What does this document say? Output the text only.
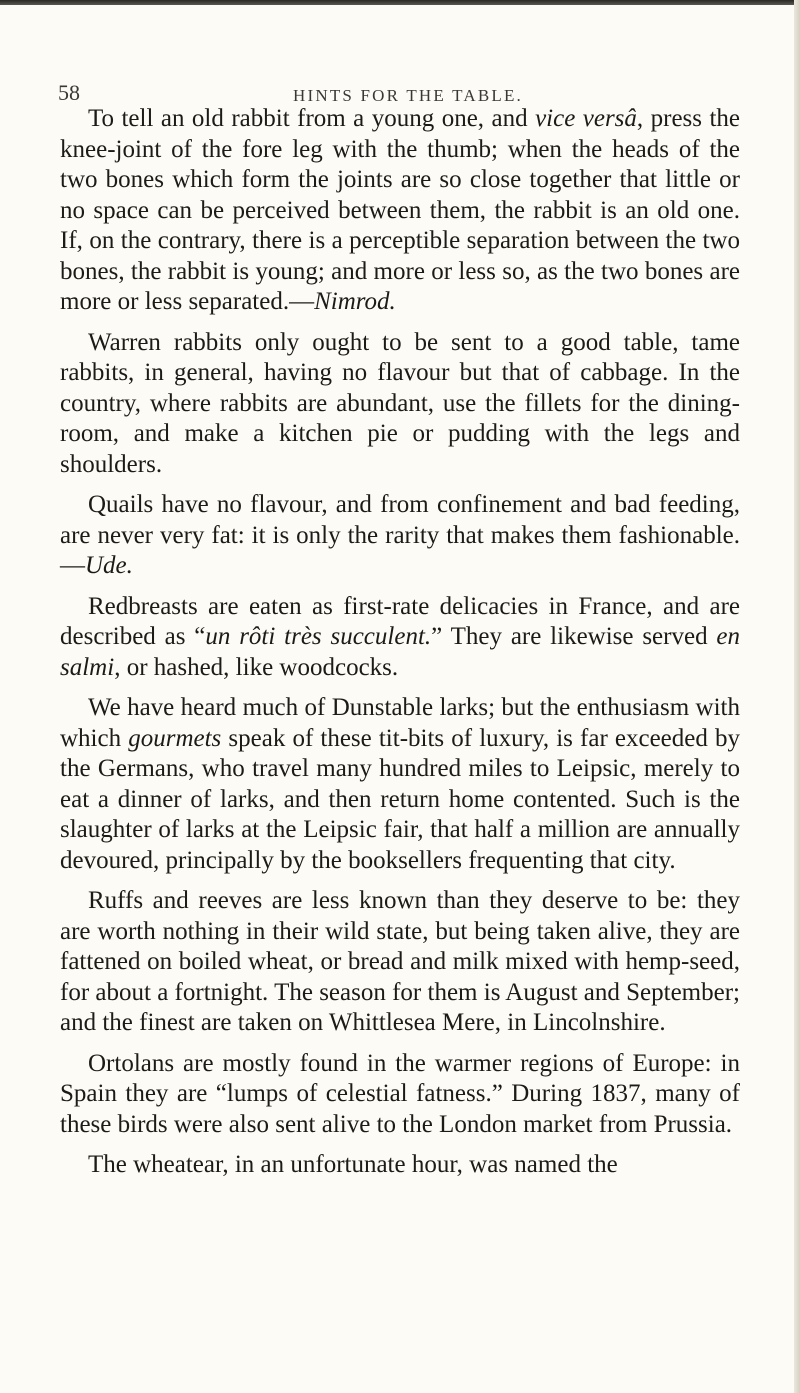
58	HINTS FOR THE TABLE.

To tell an old rabbit from a young one, and vice versâ, press the knee-joint of the fore leg with the thumb; when the heads of the two bones which form the joints are so close together that little or no space can be perceived between them, the rabbit is an old one. If, on the contrary, there is a perceptible separation between the two bones, the rabbit is young; and more or less so, as the two bones are more or less separated.—Nimrod.

Warren rabbits only ought to be sent to a good table, tame rabbits, in general, having no flavour but that of cabbage. In the country, where rabbits are abundant, use the fillets for the dining-room, and make a kitchen pie or pudding with the legs and shoulders.

Quails have no flavour, and from confinement and bad feeding, are never very fat: it is only the rarity that makes them fashionable.—Ude.

Redbreasts are eaten as first-rate delicacies in France, and are described as “un rôti très succulent.” They are likewise served en salmi, or hashed, like woodcocks.

We have heard much of Dunstable larks; but the enthusiasm with which gourmets speak of these tit-bits of luxury, is far exceeded by the Germans, who travel many hundred miles to Leipsic, merely to eat a dinner of larks, and then return home contented. Such is the slaughter of larks at the Leipsic fair, that half a million are annually devoured, principally by the booksellers frequenting that city.

Ruffs and reeves are less known than they deserve to be: they are worth nothing in their wild state, but being taken alive, they are fattened on boiled wheat, or bread and milk mixed with hemp-seed, for about a fortnight. The season for them is August and September; and the finest are taken on Whittlesea Mere, in Lincolnshire.

Ortolans are mostly found in the warmer regions of Europe: in Spain they are “lumps of celestial fatness.” During 1837, many of these birds were also sent alive to the London market from Prussia.

The wheatear, in an unfortunate hour, was named the
